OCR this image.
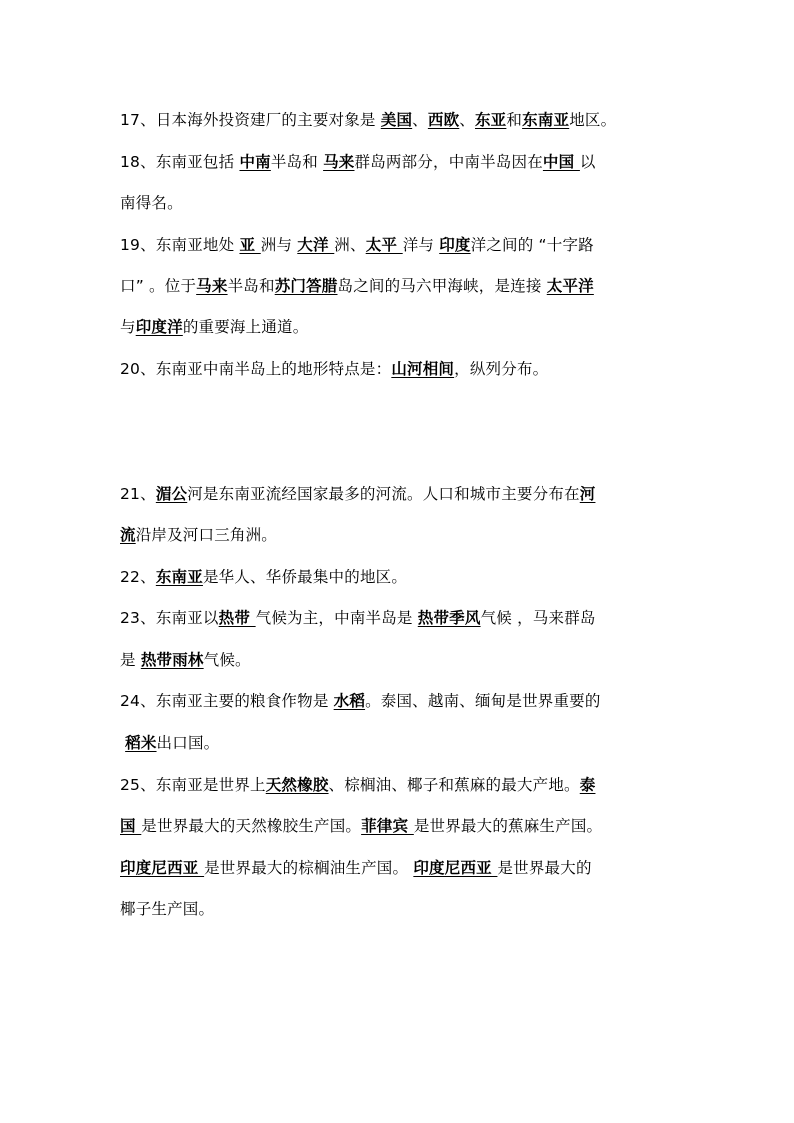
17、日本海外投资建厂的主要对象是 美国、西欧、东亚和东南亚地区。
18、东南亚包括 中南半岛和 马来群岛两部分，中南半岛因在中国 以
南得名。
19、东南亚地处 亚 洲与 大洋 洲、太平 洋与 印度洋之间的 “十字路
口” 。位于马来半岛和苏门答腊岛之间的马六甲海峡，是连接 太平洋
与印度洋的重要海上通道。
20、东南亚中南半岛上的地形特点是：山河相间，纵列分布。
21、湄公河是东南亚流经国家最多的河流。人口和城市主要分布在河
流沿岸及河口三角洲。
22、东南亚是华人、华侨最集中的地区。
23、东南亚以热带 气候为主，中南半岛是 热带季风气候 ，马来群岛
是 热带雨林气候。
24、东南亚主要的粮食作物是 水稻。泰国、越南、缅甸是世界重要的
稻米出口国。
25、东南亚是世界上天然橡胶、棕榈油、椰子和蕉麻的最大产地。泰
国 是世界最大的天然橡胶生产国。菲律宾 是世界最大的蕉麻生产国。
印度尼西亚 是世界最大的棕榈油生产国。 印度尼西亚 是世界最大的
椰子生产国。
